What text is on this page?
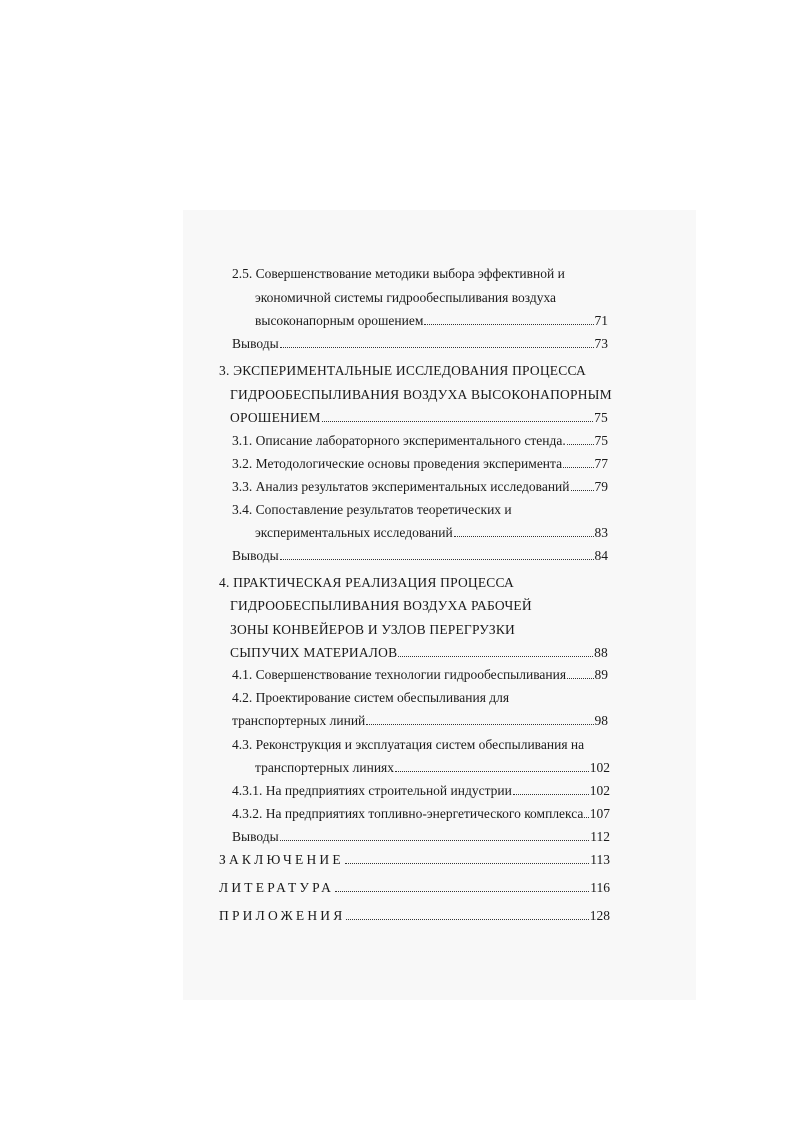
2.5. Совершенствование методики выбора эффективной и
экономичной системы гидрообеспыливания воздуха
высоконапорным орошением	71
Выводы	73
3. ЭКСПЕРИМЕНТАЛЬНЫЕ ИССЛЕДОВАНИЯ ПРОЦЕССА
ГИДРООБЕСПЫЛИВАНИЯ ВОЗДУХА ВЫСОКОНАПОРНЫМ
ОРОШЕНИЕМ	75
3.1. Описание лабораторного экспериментального стенда. 75
3.2. Методологические основы проведения эксперимента 77
3.3. Анализ результатов экспериментальных исследований 79
3.4. Сопоставление результатов теоретических и
экспериментальных исследований	83
Выводы	84
4. ПРАКТИЧЕСКАЯ РЕАЛИЗАЦИЯ ПРОЦЕССА
ГИДРООБЕСПЫЛИВАНИЯ ВОЗДУХА РАБОЧЕЙ
ЗОНЫ КОНВЕЙЕРОВ И УЗЛОВ ПЕРЕГРУЗКИ
СЫПУЧИХ МАТЕРИАЛОВ	88
4.1. Совершенствование технологии гидрообеспыливания 89
4.2. Проектирование систем обеспыливания для
транспортерных линий	98
4.3. Реконструкция и эксплуатация систем обеспыливания на
транспортерных линиях	102
4.3.1. На предприятиях строительной индустрии	102
4.3.2. На предприятиях топливно-энергетического комплекса 107
Выводы	112
ЗАКЛЮЧЕНИЕ	113
ЛИТЕРАТУРА	116
ПРИЛОЖЕНИЯ	128
